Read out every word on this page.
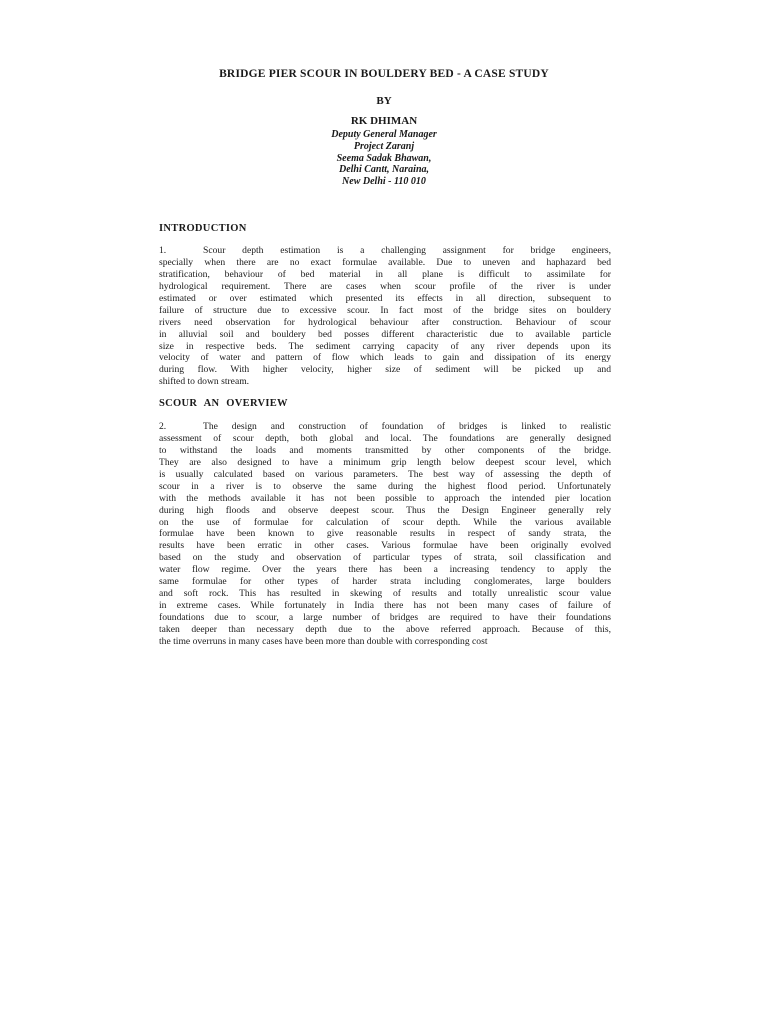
BRIDGE PIER SCOUR IN BOULDERY BED - A CASE STUDY
BY
RK DHIMAN
Deputy General Manager
Project Zaranj
Seema Sadak Bhawan,
Delhi Cantt, Naraina,
New Delhi - 110 010
INTRODUCTION
1.	Scour depth estimation is a challenging assignment for bridge engineers,
specially when there are no exact formulae available. Due to uneven and haphazard bed
stratification, behaviour of bed material in all plane is difficult to assimilate for
hydrological requirement. There are cases when scour profile of the river is under
estimated or over estimated which presented its effects in all direction, subsequent to
failure of structure due to excessive scour. In fact most of the bridge sites on bouldery
rivers need observation for hydrological behaviour after construction. Behaviour of scour
in alluvial soil and bouldery bed posses different characteristic due to available particle
size in respective beds. The sediment carrying capacity of any river depends upon its
velocity of water and pattern of flow which leads to gain and dissipation of its energy
during flow. With higher velocity, higher size of sediment will be picked up and
shifted to down stream.
SCOUR AN OVERVIEW
2.	The design and construction of foundation of bridges is linked to realistic
assessment of scour depth, both global and local. The foundations are generally designed
to withstand the loads and moments transmitted by other components of the bridge.
They are also designed to have a minimum grip length below deepest scour level, which
is usually calculated based on various parameters. The best way of assessing the depth of
scour in a river is to observe the same during the highest flood period. Unfortunately
with the methods available it has not been possible to approach the intended pier location
during high floods and observe deepest scour. Thus the Design Engineer generally rely
on the use of formulae for calculation of scour depth. While the various available
formulae have been known to give reasonable results in respect of sandy strata, the
results have been erratic in other cases. Various formulae have been originally evolved
based on the study and observation of particular types of strata, soil classification and
water flow regime. Over the years there has been a increasing tendency to apply the
same formulae for other types of harder strata including conglomerates, large boulders
and soft rock. This has resulted in skewing of results and totally unrealistic scour value
in extreme cases. While fortunately in India there has not been many cases of failure of
foundations due to scour, a large number of bridges are required to have their foundations
taken deeper than necessary depth due to the above referred approach. Because of this,
the time overruns in many cases have been more than double with corresponding cost
